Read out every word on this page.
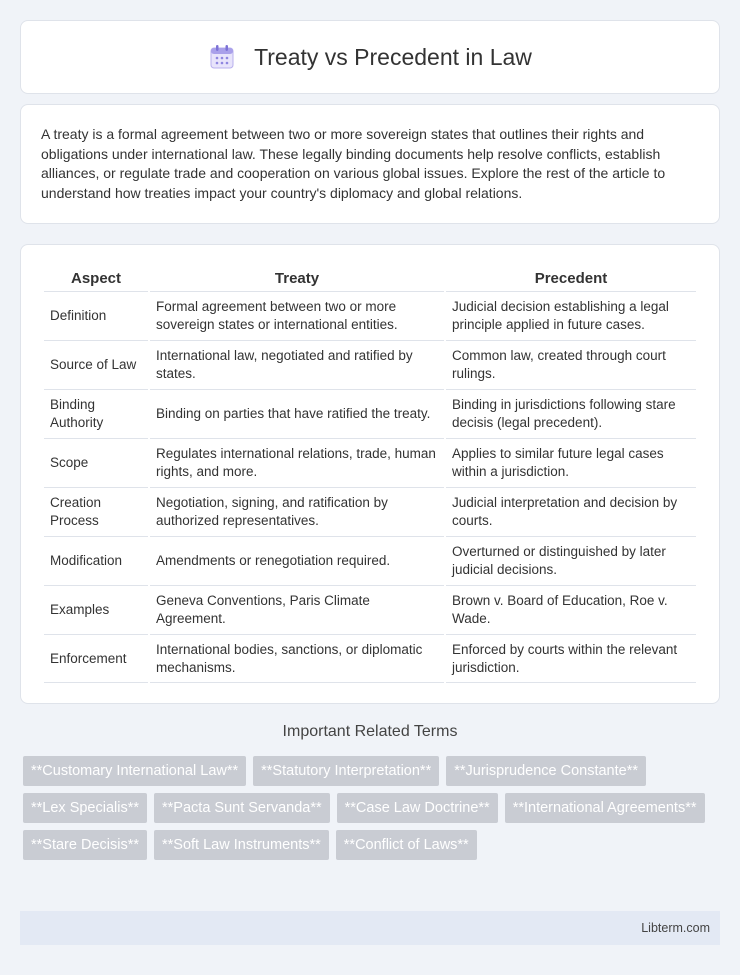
Treaty vs Precedent in Law

A treaty is a formal agreement between two or more sovereign states that outlines their rights and obligations under international law. These legally binding documents help resolve conflicts, establish alliances, or regulate trade and cooperation on various global issues. Explore the rest of the article to understand how treaties impact your country's diplomacy and global relations.

Aspect	Treaty	Precedent
Definition	Formal agreement between two or more sovereign states or international entities.	Judicial decision establishing a legal principle applied in future cases.
Source of Law	International law, negotiated and ratified by states.	Common law, created through court rulings.
Binding Authority	Binding on parties that have ratified the treaty.	Binding in jurisdictions following stare decisis (legal precedent).
Scope	Regulates international relations, trade, human rights, and more.	Applies to similar future legal cases within a jurisdiction.
Creation Process	Negotiation, signing, and ratification by authorized representatives.	Judicial interpretation and decision by courts.
Modification	Amendments or renegotiation required.	Overturned or distinguished by later judicial decisions.
Examples	Geneva Conventions, Paris Climate Agreement.	Brown v. Board of Education, Roe v. Wade.
Enforcement	International bodies, sanctions, or diplomatic mechanisms.	Enforced by courts within the relevant jurisdiction.
Important Related Terms
**Customary International Law**	**Statutory Interpretation**	**Jurisprudence Constante**
**Lex Specialis**	**Pacta Sunt Servanda**	**Case Law Doctrine**	**International Agreements**
**Stare Decisis**	**Soft Law Instruments**	**Conflict of Laws**
Libterm.com
